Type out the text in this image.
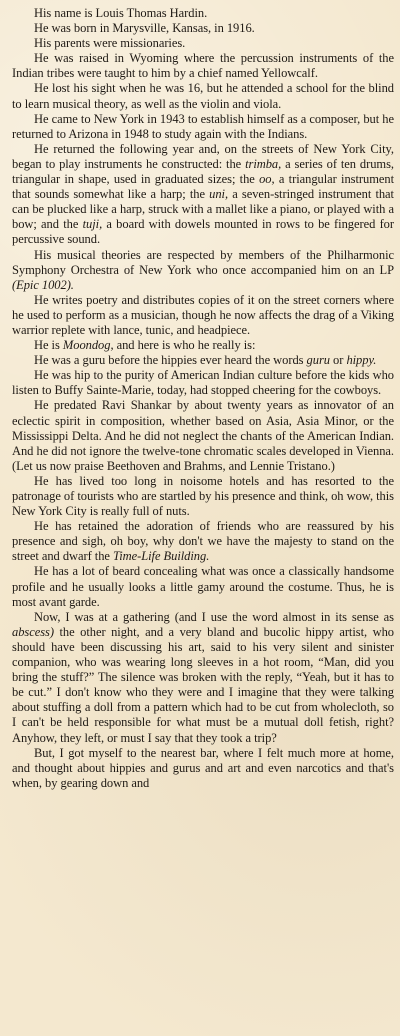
His name is Louis Thomas Hardin.

He was born in Marysville, Kansas, in 1916.

His parents were missionaries.

He was raised in Wyoming where the percussion instruments of the Indian tribes were taught to him by a chief named Yellowcalf.

He lost his sight when he was 16, but he attended a school for the blind to learn musical theory, as well as the violin and viola.

He came to New York in 1943 to establish himself as a composer, but he returned to Arizona in 1948 to study again with the Indians.

He returned the following year and, on the streets of New York City, began to play instruments he constructed: the trimba, a series of ten drums, triangular in shape, used in graduated sizes; the oo, a triangular instrument that sounds somewhat like a harp; the uni, a seven-stringed instrument that can be plucked like a harp, struck with a mallet like a piano, or played with a bow; and the tuji, a board with dowels mounted in rows to be fingered for percussive sound.

His musical theories are respected by members of the Philharmonic Symphony Orchestra of New York who once accompanied him on an LP (Epic 1002).

He writes poetry and distributes copies of it on the street corners where he used to perform as a musician, though he now affects the drag of a Viking warrior replete with lance, tunic, and headpiece.

He is Moondog, and here is who he really is:

He was a guru before the hippies ever heard the words guru or hippy.

He was hip to the purity of American Indian culture before the kids who listen to Buffy Sainte-Marie, today, had stopped cheering for the cowboys.

He predated Ravi Shankar by about twenty years as innovator of an eclectic spirit in composition, whether based on Asia, Asia Minor, or the Mississippi Delta. And he did not neglect the chants of the American Indian. And he did not ignore the twelve-tone chromatic scales developed in Vienna. (Let us now praise Beethoven and Brahms, and Lennie Tristano.)

He has lived too long in noisome hotels and has resorted to the patronage of tourists who are startled by his presence and think, oh wow, this New York City is really full of nuts.

He has retained the adoration of friends who are reassured by his presence and sigh, oh boy, why don't we have the majesty to stand on the street and dwarf the Time-Life Building.

He has a lot of beard concealing what was once a classically handsome profile and he usually looks a little gamy around the costume. Thus, he is most avant garde.

Now, I was at a gathering (and I use the word almost in its sense as abscess) the other night, and a very bland and bucolic hippy artist, who should have been discussing his art, said to his very silent and sinister companion, who was wearing long sleeves in a hot room, “Man, did you bring the stuff?” The silence was broken with the reply, “Yeah, but it has to be cut.” I don't know who they were and I imagine that they were talking about stuffing a doll from a pattern which had to be cut from wholecloth, so I can't be held responsible for what must be a mutual doll fetish, right? Anyhow, they left, or must I say that they took a trip?

But, I got myself to the nearest bar, where I felt much more at home, and thought about hippies and gurus and art and even narcotics and that's when, by gearing down and
